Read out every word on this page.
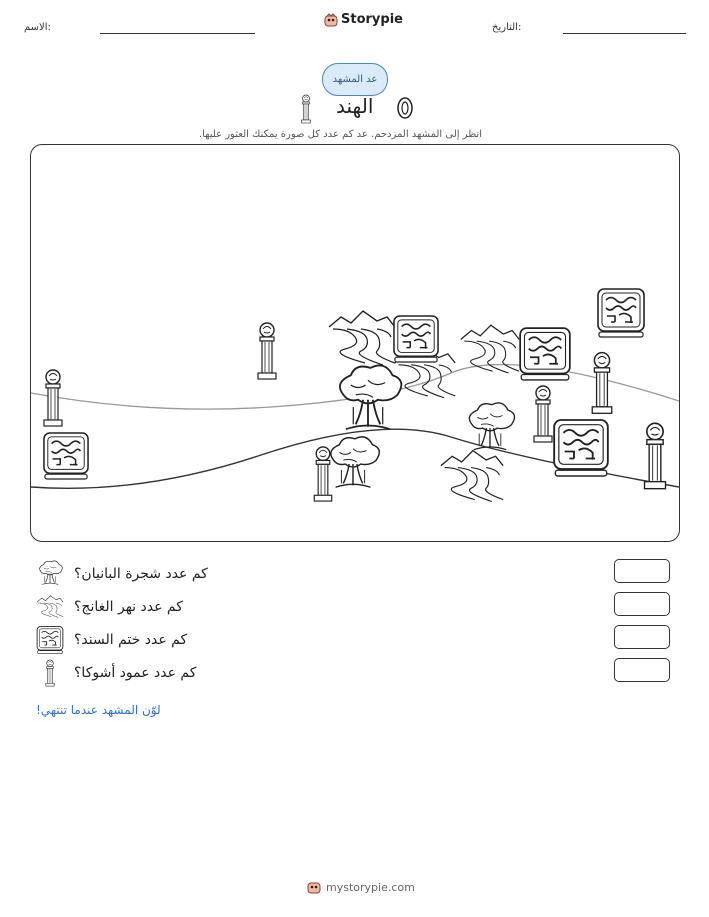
الاسم:
Storypie
التاريخ:
عد المشهد
الهند
انظر إلى المشهد المزدحم. عد كم عدد كل صورة يمكنك العثور عليها.
كم عدد شجرة البانيان؟
كم عدد نهر الغانج؟
كم عدد ختم السند؟
كم عدد عمود أشوكا؟
لوّن المشهد عندما تنتهي!
mystorypie.com
